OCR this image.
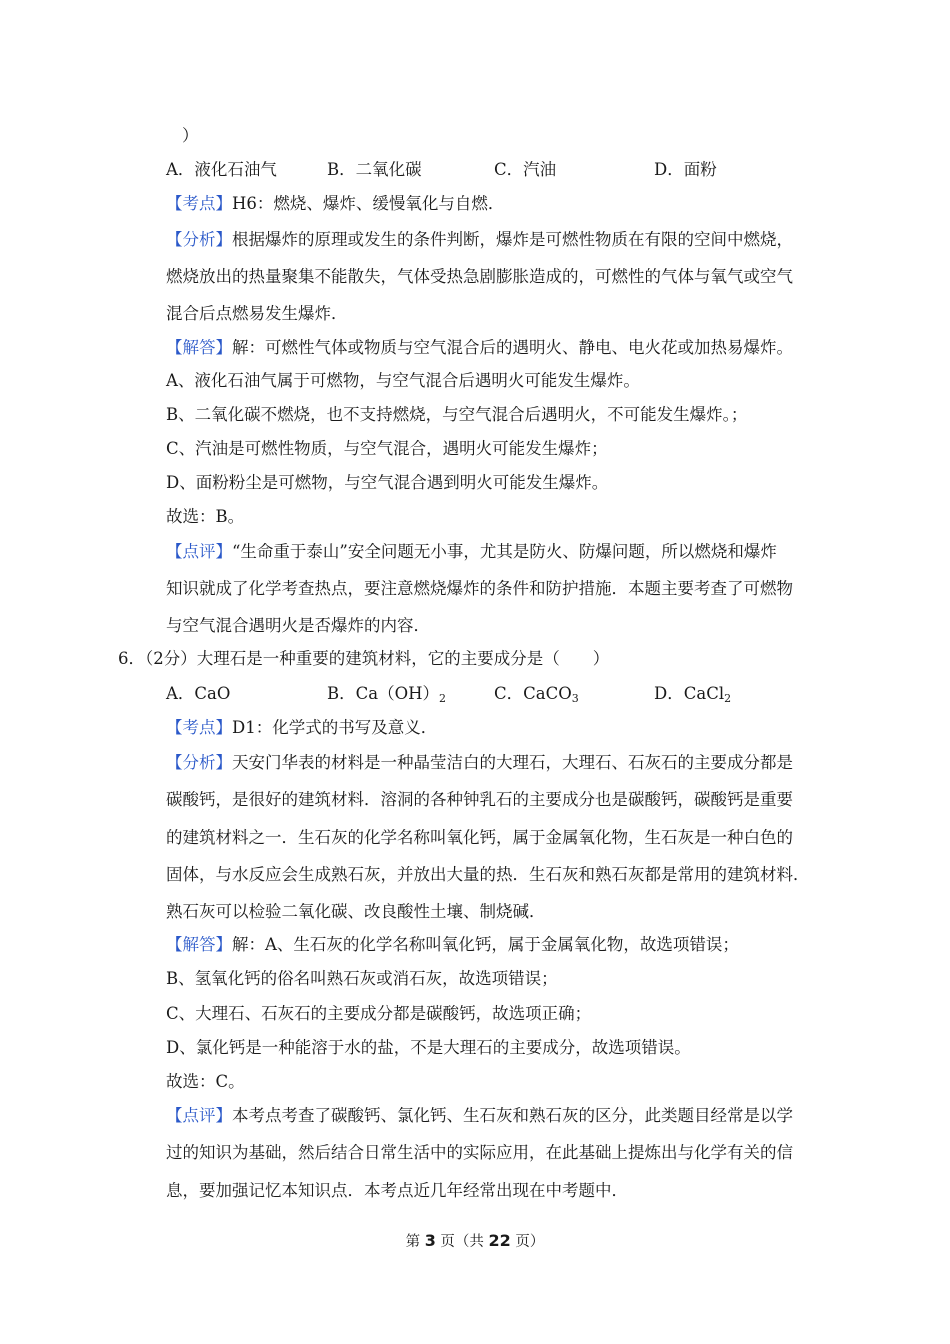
）
A．液化石油气	B．二氧化碳	C．汽油	D．面粉
【考点】H6：燃烧、爆炸、缓慢氧化与自燃．
【分析】根据爆炸的原理或发生的条件判断，爆炸是可燃性物质在有限的空间中燃烧，
燃烧放出的热量聚集不能散失，气体受热急剧膨胀造成的，可燃性的气体与氧气或空气
混合后点燃易发生爆炸．
【解答】解：可燃性气体或物质与空气混合后的遇明火、静电、电火花或加热易爆炸。
A、液化石油气属于可燃物，与空气混合后遇明火可能发生爆炸。
B、二氧化碳不燃烧，也不支持燃烧，与空气混合后遇明火，不可能发生爆炸。；
C、汽油是可燃性物质，与空气混合，遇明火可能发生爆炸；
D、面粉粉尘是可燃物，与空气混合遇到明火可能发生爆炸。
故选：B。
【点评】“生命重于泰山”安全问题无小事，尤其是防火、防爆问题，所以燃烧和爆炸
知识就成了化学考查热点，要注意燃烧爆炸的条件和防护措施．本题主要考查了可燃物
与空气混合遇明火是否爆炸的内容．
6．（2分）大理石是一种重要的建筑材料，它的主要成分是（　　）
A．CaO	B．$Ca(OH)_2$	C．CaCO$_3$	D．CaCl$_2$
【考点】D1：化学式的书写及意义．
【分析】天安门华表的材料是一种晶莹洁白的大理石，大理石、石灰石的主要成分都是
碳酸钙，是很好的建筑材料．溶洞的各种钟乳石的主要成分也是碳酸钙，碳酸钙是重要
的建筑材料之一．生石灰的化学名称叫氧化钙，属于金属氧化物，生石灰是一种白色的
固体，与水反应会生成熟石灰，并放出大量的热．生石灰和熟石灰都是常用的建筑材料．
熟石灰可以检验二氧化碳、改良酸性土壤、制烧碱．
【解答】解：A、生石灰的化学名称叫氧化钙，属于金属氧化物，故选项错误；
B、氢氧化钙的俗名叫熟石灰或消石灰，故选项错误；
C、大理石、石灰石的主要成分都是碳酸钙，故选项正确；
D、氯化钙是一种能溶于水的盐，不是大理石的主要成分，故选项错误。
故选：C。
【点评】本考点考查了碳酸钙、氯化钙、生石灰和熟石灰的区分，此类题目经常是以学
过的知识为基础，然后结合日常生活中的实际应用，在此基础上提炼出与化学有关的信
息，要加强记忆本知识点．本考点近几年经常出现在中考题中．
第 3 页（共 22 页）
